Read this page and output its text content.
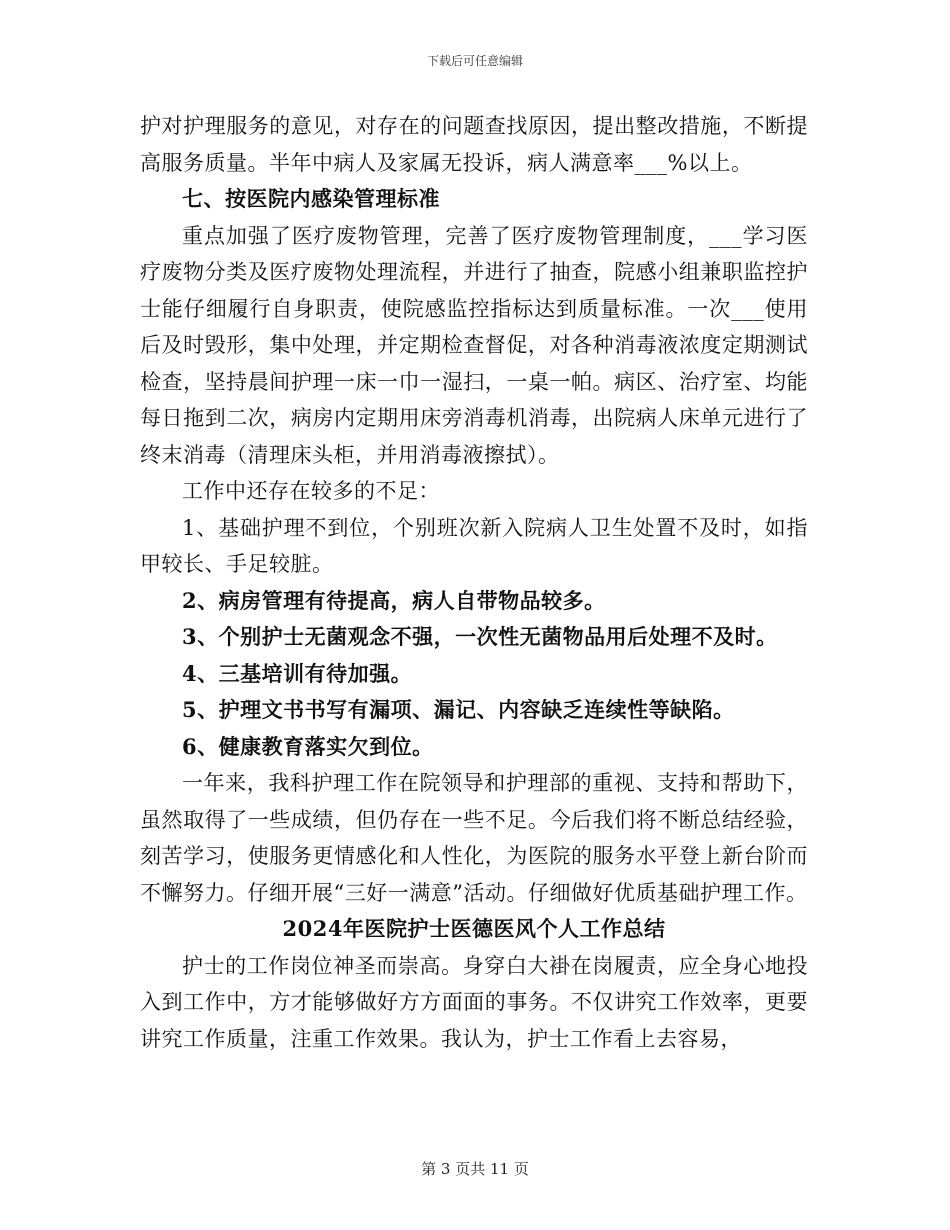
下载后可任意编辑

护对护理服务的意见，对存在的问题查找原因，提出整改措施，不断提高服务质量。半年中病人及家属无投诉，病人满意率___%以上。

七、按医院内感染管理标准

重点加强了医疗废物管理，完善了医疗废物管理制度，___学习医疗废物分类及医疗废物处理流程，并进行了抽查，院感小组兼职监控护士能仔细履行自身职责，使院感监控指标达到质量标准。一次___使用后及时毁形，集中处理，并定期检查督促，对各种消毒液浓度定期测试检查，坚持晨间护理一床一巾一湿扫，一桌一帕。病区、治疗室、均能每日拖到二次，病房内定期用床旁消毒机消毒，出院病人床单元进行了终末消毒（清理床头柜，并用消毒液擦拭）。

工作中还存在较多的不足：

1、基础护理不到位，个别班次新入院病人卫生处置不及时，如指甲较长、手足较脏。

2、病房管理有待提高，病人自带物品较多。

3、个别护士无菌观念不强，一次性无菌物品用后处理不及时。

4、三基培训有待加强。

5、护理文书书写有漏项、漏记、内容缺乏连续性等缺陷。

6、健康教育落实欠到位。

一年来，我科护理工作在院领导和护理部的重视、支持和帮助下，虽然取得了一些成绩，但仍存在一些不足。今后我们将不断总结经验，刻苦学习，使服务更情感化和人性化，为医院的服务水平登上新台阶而不懈努力。仔细开展“三好一满意”活动。仔细做好优质基础护理工作。

2024年医院护士医德医风个人工作总结

护士的工作岗位神圣而崇高。身穿白大褂在岗履责，应全身心地投入到工作中，方才能够做好方方面面的事务。不仅讲究工作效率，更要讲究工作质量，注重工作效果。我认为，护士工作看上去容易，

第 3 页共 11 页
